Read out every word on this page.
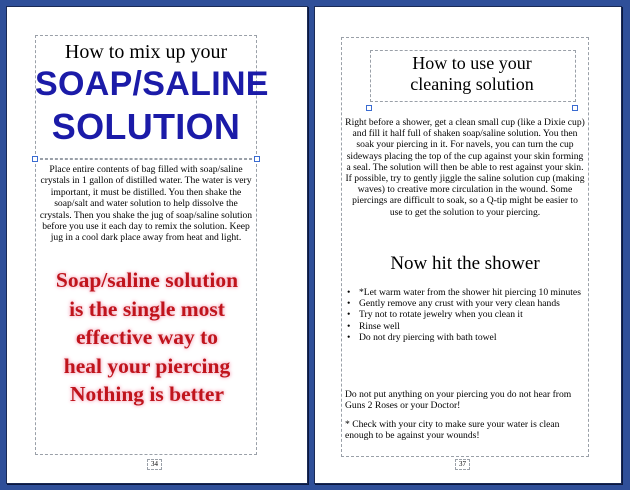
How to mix up your
SOAP/SALINE
SOLUTION
Place entire contents of bag filled with soap/saline crystals in 1 gallon of distilled water. The water is very important, it must be distilled. You then shake the soap/salt and water solution to help dissolve the crystals. Then you shake the jug of soap/saline solution before you use it each day to remix the solution. Keep jug in a cool dark place away from heat and light.
Soap/saline solution
is the single most
effective way to
heal your piercing
Nothing is better
34
How to use your
cleaning solution
Right before a shower, get a clean small cup (like a Dixie cup) and fill it half full of shaken soap/saline solution. You then soak your piercing in it. For navels, you can turn the cup sideways placing the top of the cup against your skin forming a seal. The solution will then be able to rest against your skin. If possible, try to gently jiggle the saline solution cup (making waves) to creative more circulation in the wound. Some piercings are difficult to soak, so a Q-tip might be easier to use to get the solution to your piercing.
Now hit the shower
• *Let warm water from the shower hit piercing 10 minutes
• Gently remove any crust with your very clean hands
• Try not to rotate jewelry when you clean it
• Rinse well
• Do not dry piercing with bath towel
Do not put anything on your piercing you do not hear from Guns 2 Roses or your Doctor!
* Check with your city to make sure your water is clean enough to be against your wounds!
37
